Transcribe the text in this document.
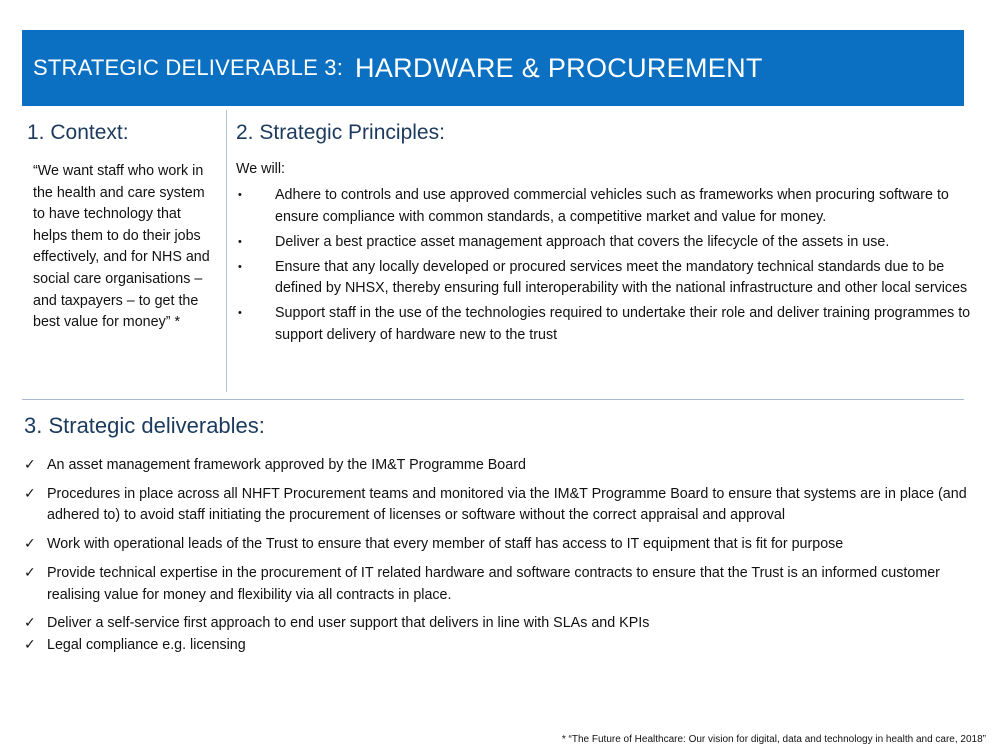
STRATEGIC DELIVERABLE 3: HARDWARE & PROCUREMENT
1. Context:	2. Strategic Principles:
“We want staff who work in the health and care system to have technology that helps them to do their jobs effectively, and for NHS and social care organisations – and taxpayers – to get the best value for money” *
We will:
• Adhere to controls and use approved commercial vehicles such as frameworks when procuring software to ensure compliance with common standards, a competitive market and value for money.
• Deliver a best practice asset management approach that covers the lifecycle of the assets in use.
• Ensure that any locally developed or procured services meet the mandatory technical standards due to be defined by NHSX, thereby ensuring full interoperability with the national infrastructure and other local services
• Support staff in the use of the technologies required to undertake their role and deliver training programmes to support delivery of hardware new to the trust
3. Strategic deliverables:
✓ An asset management framework approved by the IM&T Programme Board
✓ Procedures in place across all NHFT Procurement teams and monitored via the IM&T Programme Board to ensure that systems are in place (and adhered to) to avoid staff initiating the procurement of licenses or software without the correct appraisal and approval
✓ Work with operational leads of the Trust to ensure that every member of staff has access to IT equipment that is fit for purpose
✓ Provide technical expertise in the procurement of IT related hardware and software contracts to ensure that the Trust is an informed customer realising value for money and flexibility via all contracts in place.
✓ Deliver a self-service first approach to end user support that delivers in line with SLAs and KPIs
✓ Legal compliance e.g. licensing
* “The Future of Healthcare: Our vision for digital, data and technology in health and care, 2018”
